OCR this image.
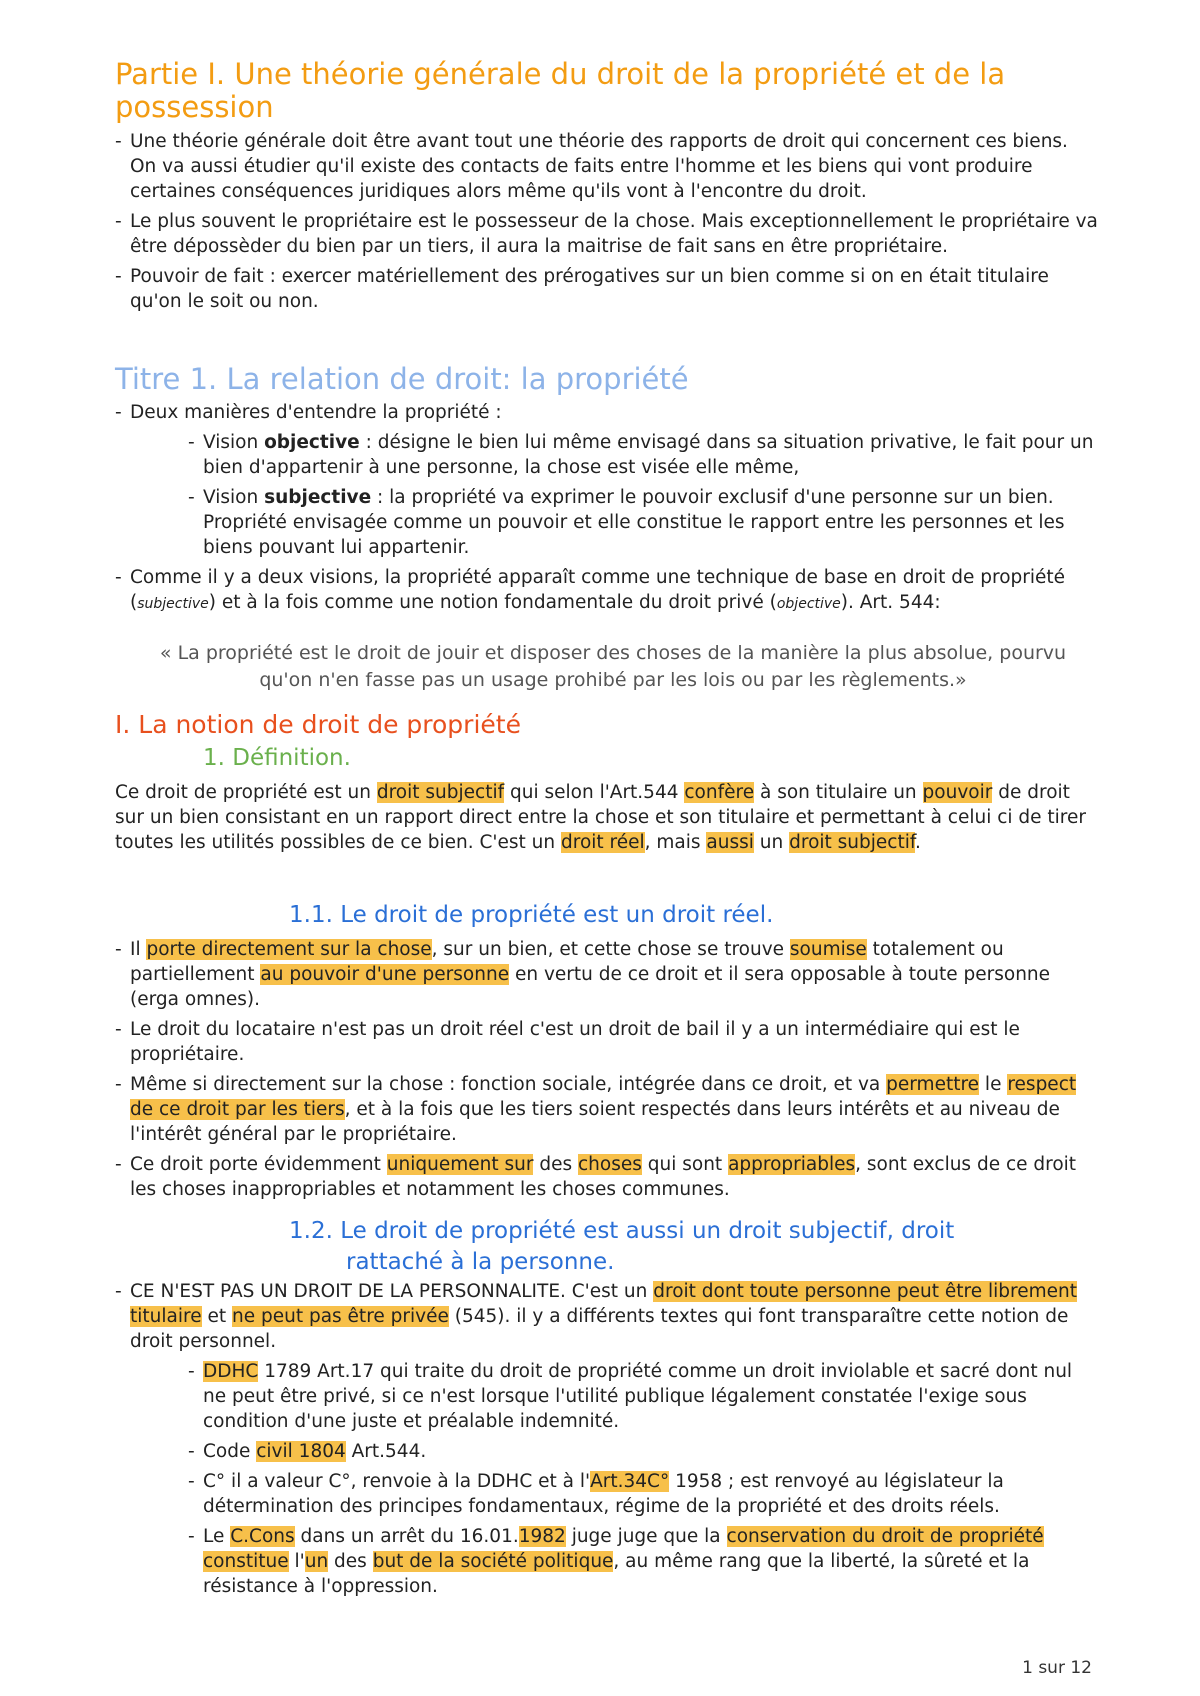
Partie I. Une théorie générale du droit de la propriété et de la possession
- Une théorie générale doit être avant tout une théorie des rapports de droit qui concernent ces biens. On va aussi étudier qu'il existe des contacts de faits entre l'homme et les biens qui vont produire certaines conséquences juridiques alors même qu'ils vont à l'encontre du droit.
- Le plus souvent le propriétaire est le possesseur de la chose. Mais exceptionnellement le propriétaire va être dépossèder du bien par un tiers, il aura la maitrise de fait sans en être propriétaire.
- Pouvoir de fait : exercer matériellement des prérogatives sur un bien comme si on en était titulaire qu'on le soit ou non.
Titre 1. La relation de droit: la propriété
- Deux manières d'entendre la propriété :
- Vision objective : désigne le bien lui même envisagé dans sa situation privative, le fait pour un bien d'appartenir à une personne, la chose est visée elle même,
- Vision subjective : la propriété va exprimer le pouvoir exclusif d'une personne sur un bien. Propriété envisagée comme un pouvoir et elle constitue le rapport entre les personnes et les biens pouvant lui appartenir.
- Comme il y a deux visions, la propriété apparaît comme une technique de base en droit de propriété (subjective) et à la fois comme une notion fondamentale du droit privé (objective). Art. 544:

« La propriété est le droit de jouir et disposer des choses de la manière la plus absolue, pourvu qu'on n'en fasse pas un usage prohibé par les lois ou par les règlements.»

I. La notion de droit de propriété
1. Définition.

Ce droit de propriété est un droit subjectif qui selon l'Art.544 confère à son titulaire un pouvoir de droit sur un bien consistant en un rapport direct entre la chose et son titulaire et permettant à celui ci de tirer toutes les utilités possibles de ce bien. C'est un droit réel, mais aussi un droit subjectif.

1.1. Le droit de propriété est un droit réel.
- Il porte directement sur la chose, sur un bien, et cette chose se trouve soumise totalement ou partiellement au pouvoir d'une personne en vertu de ce droit et il sera opposable à toute personne (erga omnes).
- Le droit du locataire n'est pas un droit réel c'est un droit de bail il y a un intermédiaire qui est le propriétaire.
- Même si directement sur la chose : fonction sociale, intégrée dans ce droit, et va permettre le respect de ce droit par les tiers, et à la fois que les tiers soient respectés dans leurs intérêts et au niveau de l'intérêt général par le propriétaire.
- Ce droit porte évidemment uniquement sur des choses qui sont appropriables, sont exclus de ce droit les choses inappropriables et notamment les choses communes.
1.2. Le droit de propriété est aussi un droit subjectif, droit
rattaché à la personne.
- CE N'EST PAS UN DROIT DE LA PERSONNALITE. C'est un droit dont toute personne peut être librement titulaire et ne peut pas être privée (545). il y a différents textes qui font transparaître cette notion de droit personnel.
- DDHC 1789 Art.17 qui traite du droit de propriété comme un droit inviolable et sacré dont nul ne peut être privé, si ce n'est lorsque l'utilité publique légalement constatée l'exige sous condition d'une juste et préalable indemnité.
- Code civil 1804 Art.544.
- C° il a valeur C°, renvoie à la DDHC et à l'Art.34C° 1958 ; est renvoyé au législateur la détermination des principes fondamentaux, régime de la propriété et des droits réels.
- Le C.Cons dans un arrêt du 16.01.1982 juge juge que la conservation du droit de propriété constitue l'un des but de la société politique, au même rang que la liberté, la sûreté et la résistance à l'oppression.
1 sur 12
